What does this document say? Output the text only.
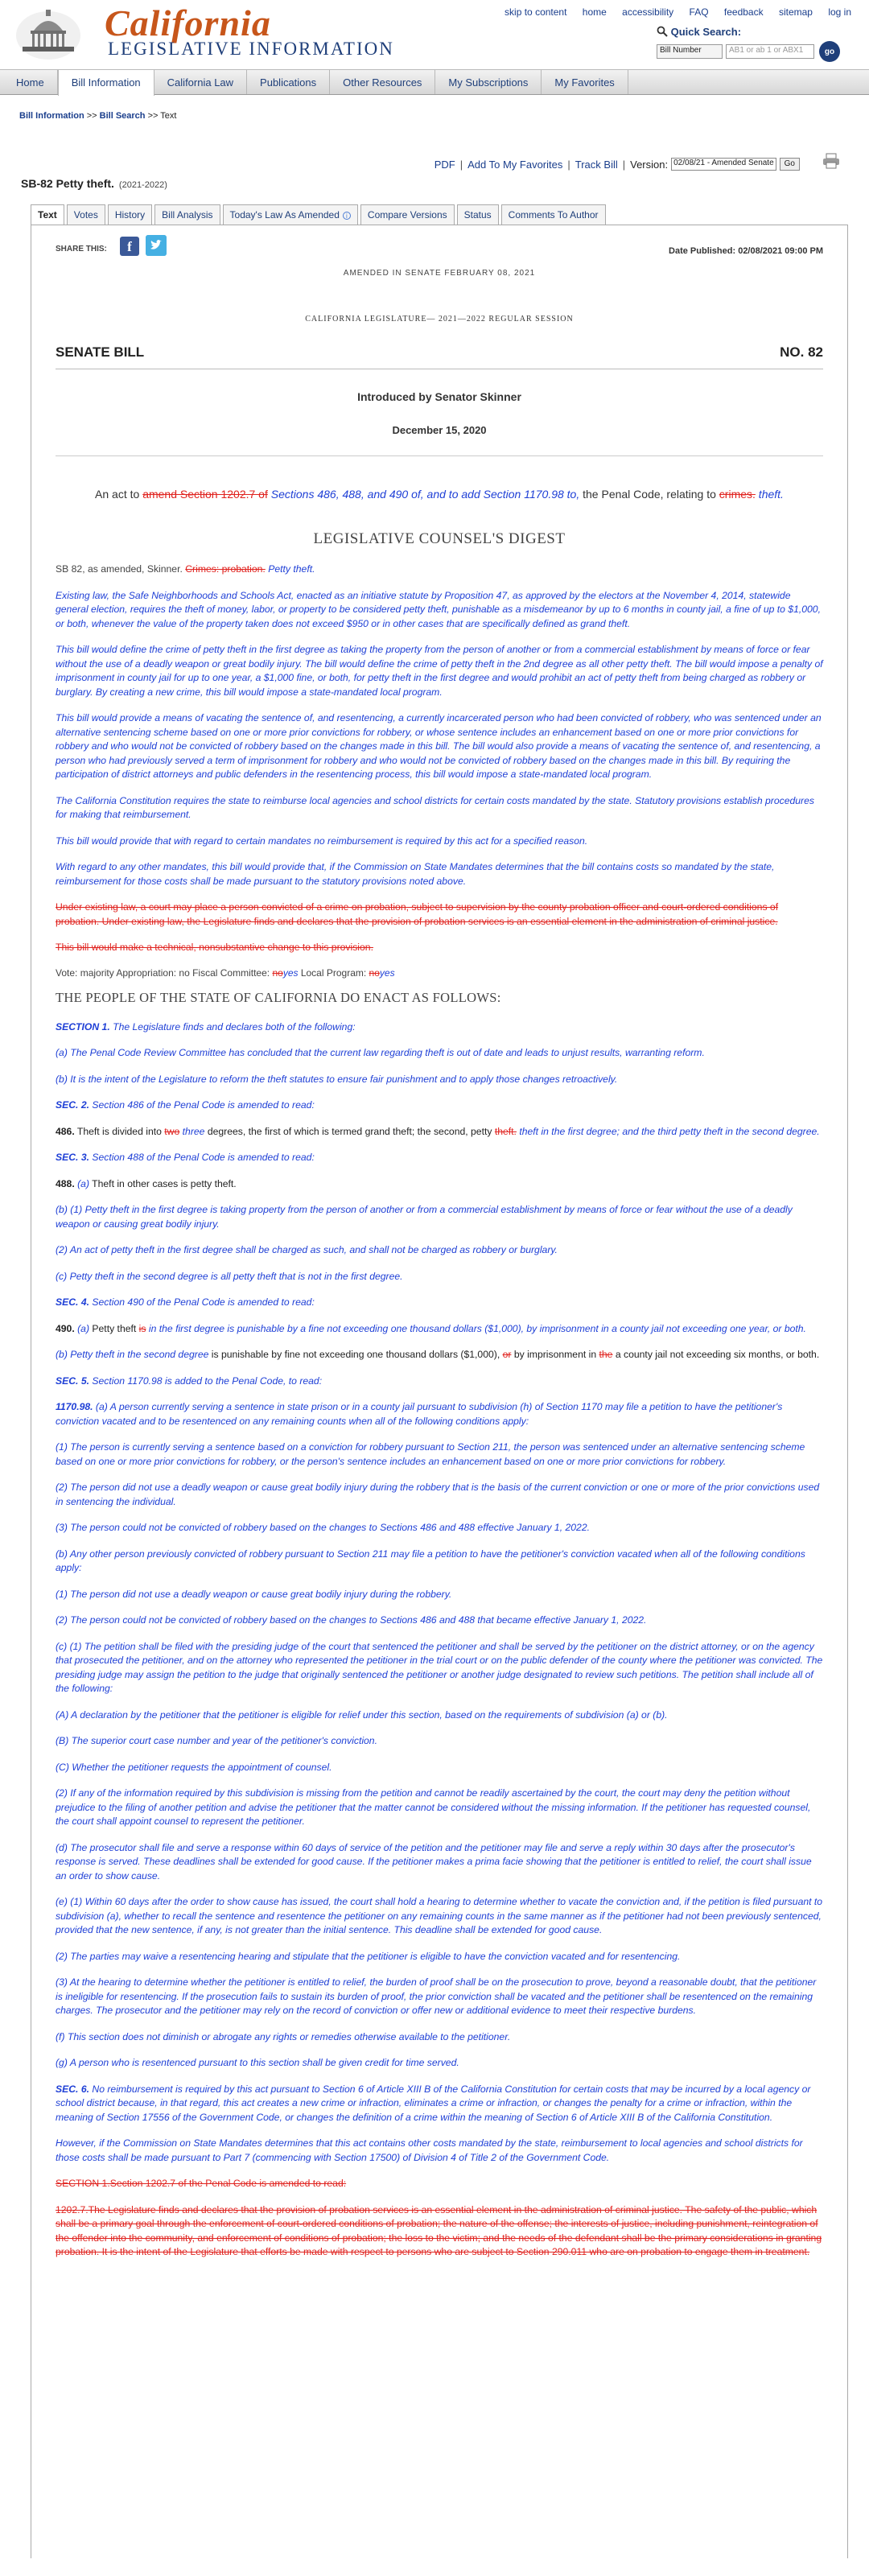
California
LEGISLATIVE INFORMATION
skip to content home accessibility FAQ feedback sitemap log in
Quick Search:
Bill Number	AB1 or ab 1 or ABX1	go
Home	Bill Information	California Law	Publications	Other Resources	My Subscriptions	My Favorites
Bill Information >> Bill Search >> Text
PDF | Add To My Favorites | Track Bill | Version: 02/08/21 - Amended Senate	Go
SB-82 Petty theft. (2021-2022)
Text	Votes	History	Bill Analysis	Today's Law As Amended i	Compare Versions	Status	Comments To Author
SHARE THIS:	f	Date Published: 02/08/2021 09:00 PM
AMENDED IN SENATE FEBRUARY 08, 2021
CALIFORNIA LEGISLATURE— 2021—2022 REGULAR SESSION
SENATE BILL	NO. 82
Introduced by Senator Skinner
December 15, 2020
An act to amend Section 1202.7 of Sections 486, 488, and 490 of, and to add Section 1170.98 to, the Penal Code, relating to crimes. theft.
LEGISLATIVE COUNSEL'S DIGEST
SB 82, as amended, Skinner. Crimes: probation. Petty theft.
Existing law, the Safe Neighborhoods and Schools Act, enacted as an initiative statute by Proposition 47, as approved by the electors at the November 4, 2014, statewide general election, requires the theft of money, labor, or property to be considered petty theft, punishable as a misdemeanor by up to 6 months in county jail, a fine of up to $1,000, or both, whenever the value of the property taken does not exceed $950 or in other cases that are specifically defined as grand theft.
This bill would define the crime of petty theft in the first degree as taking the property from the person of another or from a commercial establishment by means of force or fear without the use of a deadly weapon or great bodily injury. The bill would define the crime of petty theft in the 2nd degree as all other petty theft. The bill would impose a penalty of imprisonment in county jail for up to one year, a $1,000 fine, or both, for petty theft in the first degree and would prohibit an act of petty theft from being charged as robbery or burglary. By creating a new crime, this bill would impose a state-mandated local program.
This bill would provide a means of vacating the sentence of, and resentencing, a currently incarcerated person who had been convicted of robbery, who was sentenced under an alternative sentencing scheme based on one or more prior convictions for robbery, or whose sentence includes an enhancement based on one or more prior convictions for robbery and who would not be convicted of robbery based on the changes made in this bill. The bill would also provide a means of vacating the sentence of, and resentencing, a person who had previously served a term of imprisonment for robbery and who would not be convicted of robbery based on the changes made in this bill. By requiring the participation of district attorneys and public defenders in the resentencing process, this bill would impose a state-mandated local program.
The California Constitution requires the state to reimburse local agencies and school districts for certain costs mandated by the state. Statutory provisions establish procedures for making that reimbursement.
This bill would provide that with regard to certain mandates no reimbursement is required by this act for a specified reason.
With regard to any other mandates, this bill would provide that, if the Commission on State Mandates determines that the bill contains costs so mandated by the state, reimbursement for those costs shall be made pursuant to the statutory provisions noted above.
Under existing law, a court may place a person convicted of a crime on probation, subject to supervision by the county probation officer and court-ordered conditions of probation. Under existing law, the Legislature finds and declares that the provision of probation services is an essential element in the administration of criminal justice.
This bill would make a technical, nonsubstantive change to this provision.
Vote: majority Appropriation: no Fiscal Committee: noyes Local Program: noyes
THE PEOPLE OF THE STATE OF CALIFORNIA DO ENACT AS FOLLOWS:
SECTION 1. The Legislature finds and declares both of the following:
(a) The Penal Code Review Committee has concluded that the current law regarding theft is out of date and leads to unjust results, warranting reform.
(b) It is the intent of the Legislature to reform the theft statutes to ensure fair punishment and to apply those changes retroactively.
SEC. 2. Section 486 of the Penal Code is amended to read:
486. Theft is divided into two three degrees, the first of which is termed grand theft; the second, petty theft. theft in the first degree; and the third petty theft in the second degree.
SEC. 3. Section 488 of the Penal Code is amended to read:
488. (a) Theft in other cases is petty theft.
(b) (1) Petty theft in the first degree is taking property from the person of another or from a commercial establishment by means of force or fear without the use of a deadly weapon or causing great bodily injury.
(2) An act of petty theft in the first degree shall be charged as such, and shall not be charged as robbery or burglary.
(c) Petty theft in the second degree is all petty theft that is not in the first degree.
SEC. 4. Section 490 of the Penal Code is amended to read:
490. (a) Petty theft is in the first degree is punishable by a fine not exceeding one thousand dollars ($1,000), by imprisonment in a county jail not exceeding one year, or both.
(b) Petty theft in the second degree is punishable by fine not exceeding one thousand dollars ($1,000), or by imprisonment in the a county jail not exceeding six months, or both.
SEC. 5. Section 1170.98 is added to the Penal Code, to read:
1170.98. (a) A person currently serving a sentence in state prison or in a county jail pursuant to subdivision (h) of Section 1170 may file a petition to have the petitioner's conviction vacated and to be resentenced on any remaining counts when all of the following conditions apply:
(1) The person is currently serving a sentence based on a conviction for robbery pursuant to Section 211, the person was sentenced under an alternative sentencing scheme based on one or more prior convictions for robbery, or the person's sentence includes an enhancement based on one or more prior convictions for robbery.
(2) The person did not use a deadly weapon or cause great bodily injury during the robbery that is the basis of the current conviction or one or more of the prior convictions used in sentencing the individual.
(3) The person could not be convicted of robbery based on the changes to Sections 486 and 488 effective January 1, 2022.
(b) Any other person previously convicted of robbery pursuant to Section 211 may file a petition to have the petitioner's conviction vacated when all of the following conditions apply:
(1) The person did not use a deadly weapon or cause great bodily injury during the robbery.
(2) The person could not be convicted of robbery based on the changes to Sections 486 and 488 that became effective January 1, 2022.
(c) (1) The petition shall be filed with the presiding judge of the court that sentenced the petitioner and shall be served by the petitioner on the district attorney, or on the agency that prosecuted the petitioner, and on the attorney who represented the petitioner in the trial court or on the public defender of the county where the petitioner was convicted. The presiding judge may assign the petition to the judge that originally sentenced the petitioner or another judge designated to review such petitions. The petition shall include all of the following:
(A) A declaration by the petitioner that the petitioner is eligible for relief under this section, based on the requirements of subdivision (a) or (b).
(B) The superior court case number and year of the petitioner's conviction.
(C) Whether the petitioner requests the appointment of counsel.
(2) If any of the information required by this subdivision is missing from the petition and cannot be readily ascertained by the court, the court may deny the petition without prejudice to the filing of another petition and advise the petitioner that the matter cannot be considered without the missing information. If the petitioner has requested counsel, the court shall appoint counsel to represent the petitioner.
(d) The prosecutor shall file and serve a response within 60 days of service of the petition and the petitioner may file and serve a reply within 30 days after the prosecutor's response is served. These deadlines shall be extended for good cause. If the petitioner makes a prima facie showing that the petitioner is entitled to relief, the court shall issue an order to show cause.
(e) (1) Within 60 days after the order to show cause has issued, the court shall hold a hearing to determine whether to vacate the conviction and, if the petition is filed pursuant to subdivision (a), whether to recall the sentence and resentence the petitioner on any remaining counts in the same manner as if the petitioner had not been previously sentenced, provided that the new sentence, if any, is not greater than the initial sentence. This deadline shall be extended for good cause.
(2) The parties may waive a resentencing hearing and stipulate that the petitioner is eligible to have the conviction vacated and for resentencing.
(3) At the hearing to determine whether the petitioner is entitled to relief, the burden of proof shall be on the prosecution to prove, beyond a reasonable doubt, that the petitioner is ineligible for resentencing. If the prosecution fails to sustain its burden of proof, the prior conviction shall be vacated and the petitioner shall be resentenced on the remaining charges. The prosecutor and the petitioner may rely on the record of conviction or offer new or additional evidence to meet their respective burdens.
(f) This section does not diminish or abrogate any rights or remedies otherwise available to the petitioner.
(g) A person who is resentenced pursuant to this section shall be given credit for time served.
SEC. 6. No reimbursement is required by this act pursuant to Section 6 of Article XIII B of the California Constitution for certain costs that may be incurred by a local agency or school district because, in that regard, this act creates a new crime or infraction, eliminates a crime or infraction, or changes the penalty for a crime or infraction, within the meaning of Section 17556 of the Government Code, or changes the definition of a crime within the meaning of Section 6 of Article XIII B of the California Constitution.
However, if the Commission on State Mandates determines that this act contains other costs mandated by the state, reimbursement to local agencies and school districts for those costs shall be made pursuant to Part 7 (commencing with Section 17500) of Division 4 of Title 2 of the Government Code.
SECTION 1.Section 1202.7 of the Penal Code is amended to read:
1202.7.The Legislature finds and declares that the provision of probation services is an essential element in the administration of criminal justice. The safety of the public, which shall be a primary goal through the enforcement of court-ordered conditions of probation; the nature of the offense; the interests of justice, including punishment, reintegration of the offender into the community, and enforcement of conditions of probation; the loss to the victim; and the needs of the defendant shall be the primary considerations in granting probation. It is the intent of the Legislature that efforts be made with respect to persons who are subject to Section 290.011 who are on probation to engage them in treatment.
